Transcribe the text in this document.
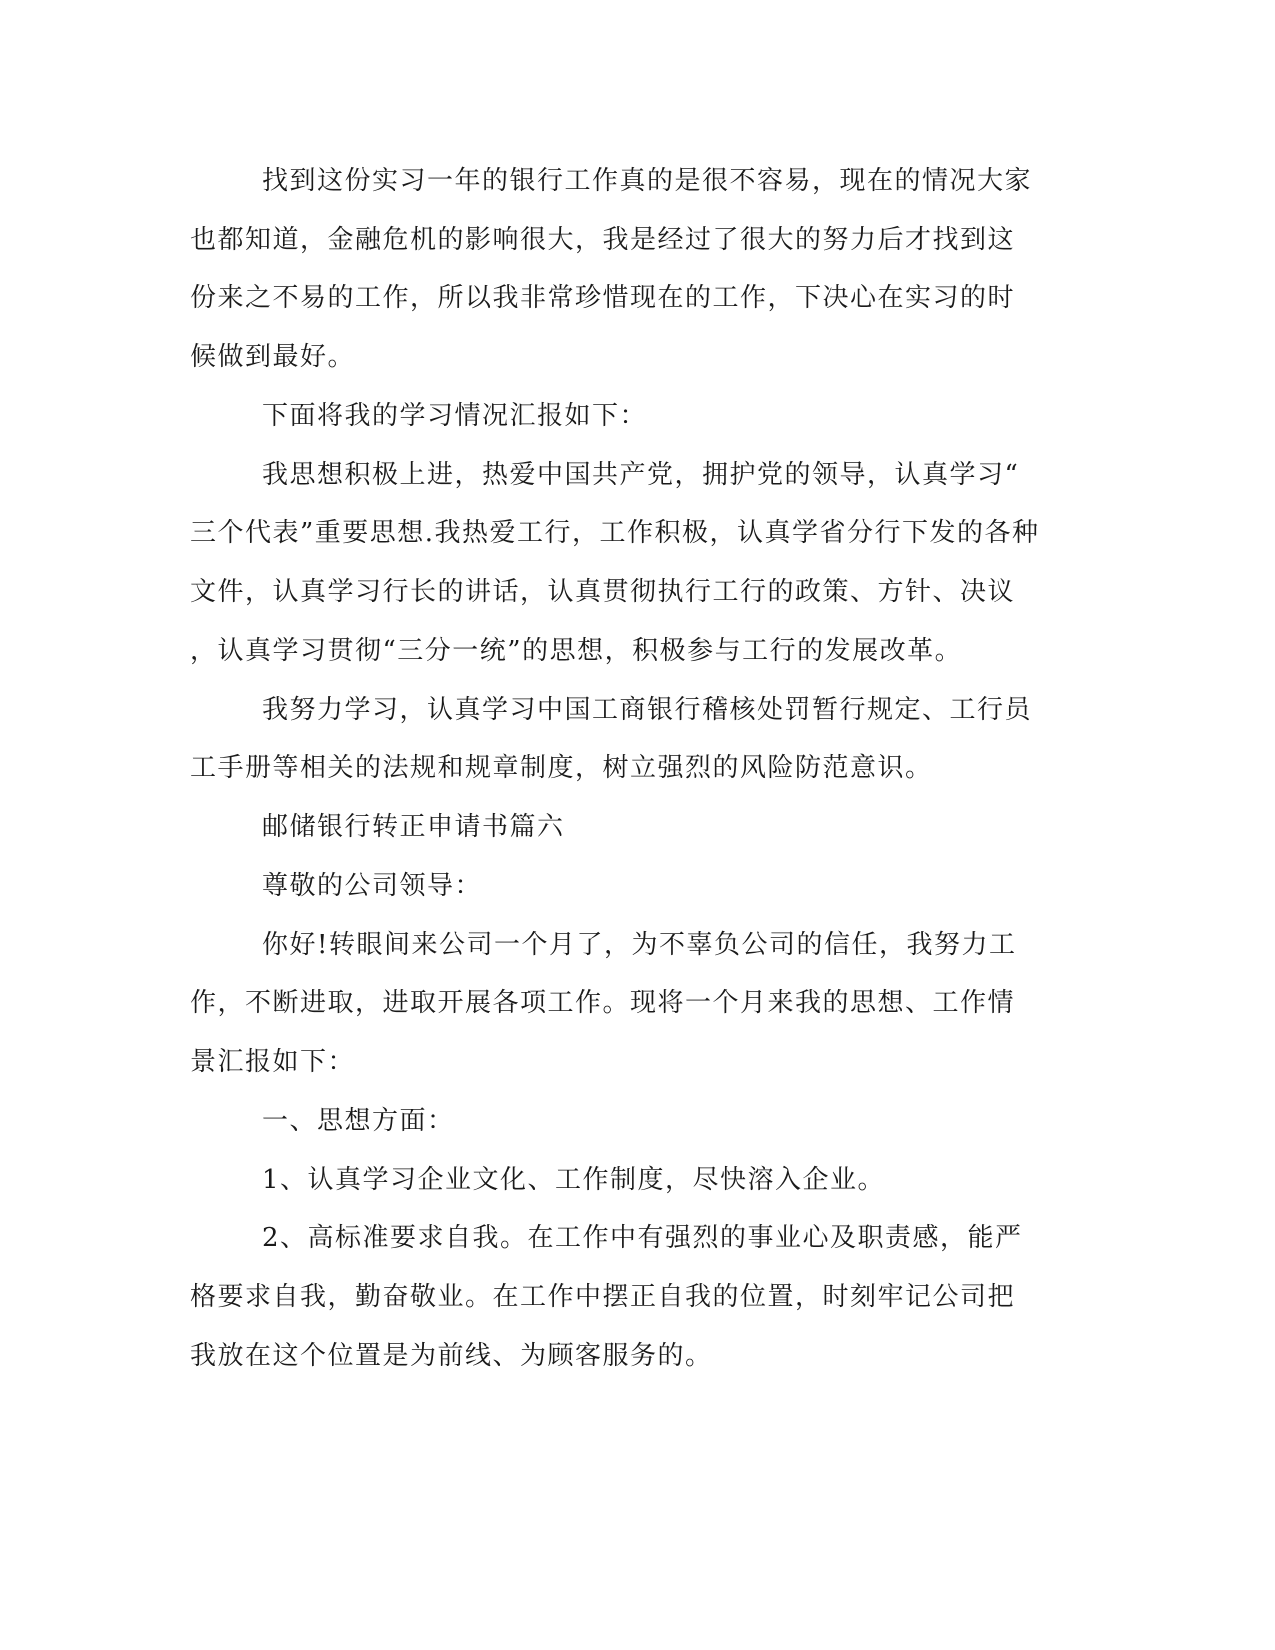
找到这份实习一年的银行工作真的是很不容易，现在的情况大家
也都知道，金融危机的影响很大，我是经过了很大的努力后才找到这
份来之不易的工作，所以我非常珍惜现在的工作，下决心在实习的时
候做到最好。
下面将我的学习情况汇报如下：
我思想积极上进，热爱中国共产党，拥护党的领导，认真学习“
三个代表”重要思想.我热爱工行，工作积极，认真学省分行下发的各种
文件，认真学习行长的讲话，认真贯彻执行工行的政策、方针、决议
，认真学习贯彻“三分一统”的思想，积极参与工行的发展改革。
我努力学习，认真学习中国工商银行稽核处罚暂行规定、工行员
工手册等相关的法规和规章制度，树立强烈的风险防范意识。
邮储银行转正申请书篇六
尊敬的公司领导：
你好!转眼间来公司一个月了，为不辜负公司的信任，我努力工
作，不断进取，进取开展各项工作。现将一个月来我的思想、工作情
景汇报如下：
一、思想方面：
1、认真学习企业文化、工作制度，尽快溶入企业。
2、高标准要求自我。在工作中有强烈的事业心及职责感，能严
格要求自我，勤奋敬业。在工作中摆正自我的位置，时刻牢记公司把
我放在这个位置是为前线、为顾客服务的。
